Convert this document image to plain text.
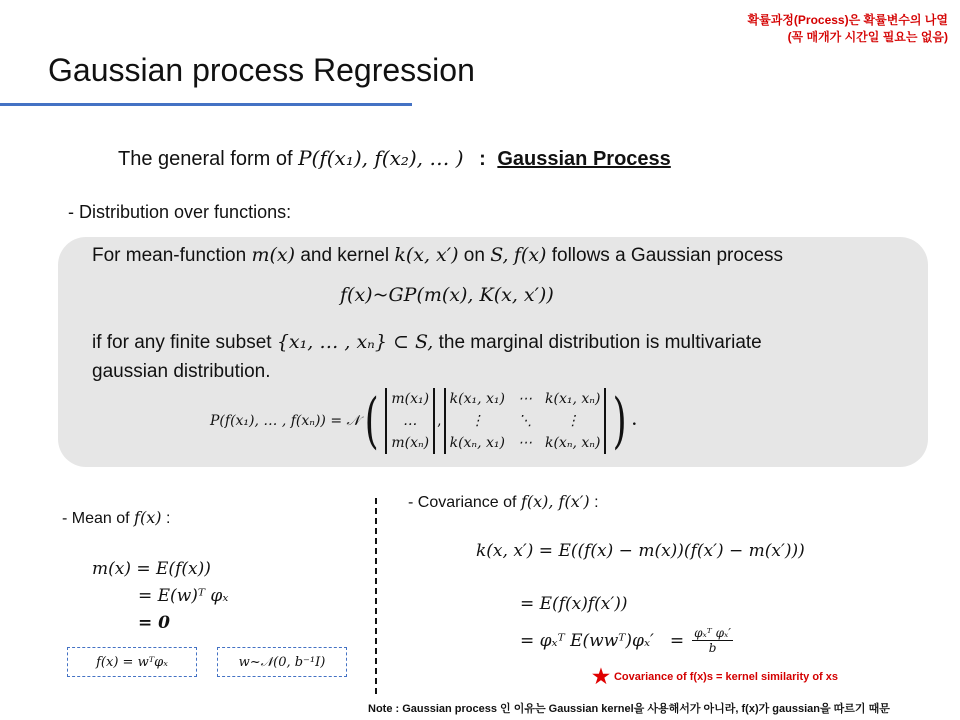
확률과정(Process)은 확률변수의 나열
(꼭 매개가 시간일 필요는 없음)
Gaussian process Regression
The general form of P(f(x₁), f(x₂), … ) : Gaussian Process
- Distribution over functions:
For mean-function m(x) and kernel k(x, x′) on S, f(x) follows a Gaussian process
f(x)~GP(m(x), K(x, x′))
if for any finite subset {x₁, … , xₙ} ⊂ S, the marginal distribution is multivariate
gaussian distribution.
P(f(x₁), … , f(xₙ)) = 𝒩 ( m(x₁)
…
m(xₙ)
,
k(x₁, x₁) ⋯ k(x₁, xₙ)
⋮	⋱	⋮
k(xₙ, x₁) ⋯ k(xₙ, xₙ) ) .
- Mean of f(x) :
m(x) = E(f(x))
= E(w)ᵀ φₓ
= 0
f(x) = wᵀφₓ	w~𝒩(0, b⁻¹I)
- Covariance of f(x), f(x′) :
k(x, x′) = E((f(x) − m(x))(f(x′) − m(x′)))
= E(f(x)f(x′))
= φₓᵀ E(wwᵀ)φₓ′ = $\frac{\text{φₓᵀ φₓ′}}{b}$
★ Covariance of f(x)s = kernel similarity of xs
Note : Gaussian process 인 이유는 Gaussian kernel을 사용해서가 아니라, f(x)가 gaussian을 따르기 때문
